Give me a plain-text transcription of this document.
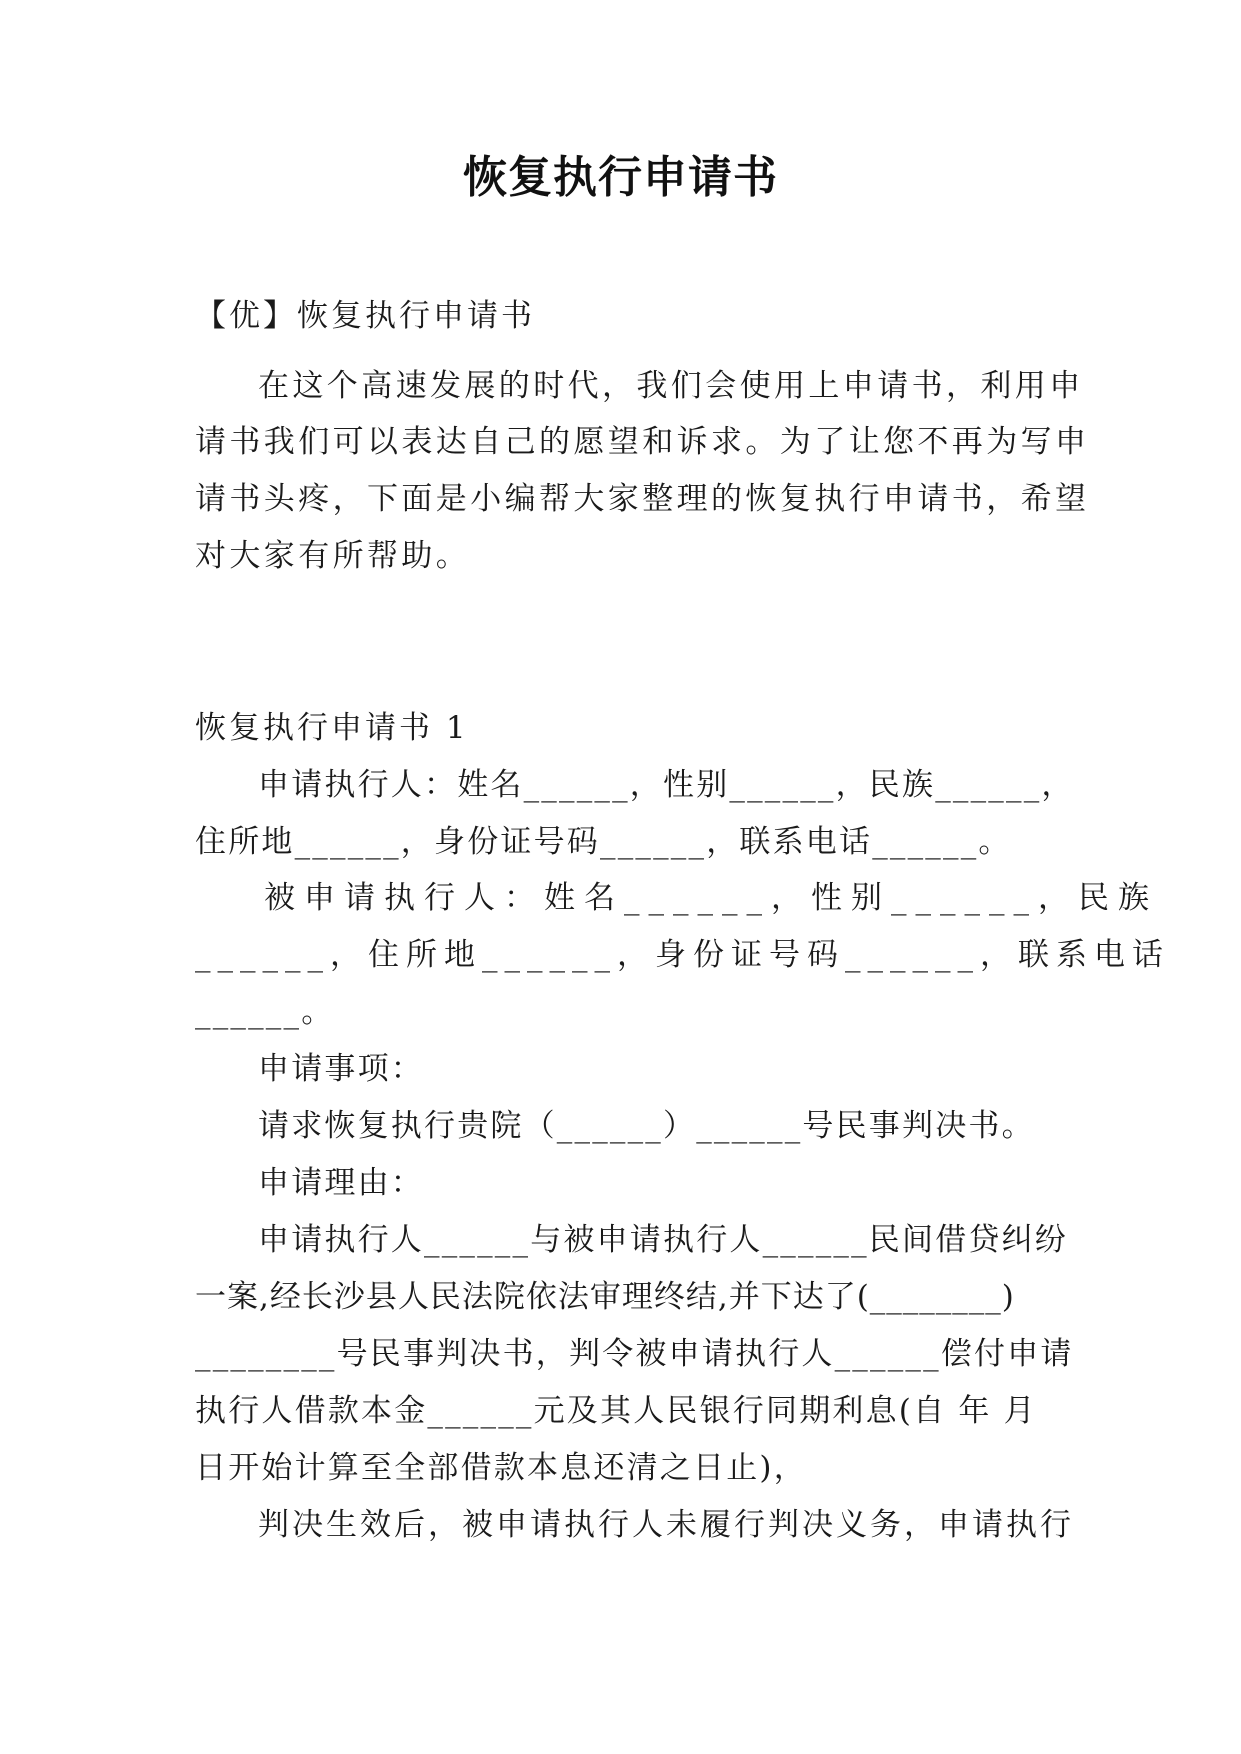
恢复执行申请书
【优】恢复执行申请书
在这个高速发展的时代，我们会使用上申请书，利用申
请书我们可以表达自己的愿望和诉求。为了让您不再为写申
请书头疼，下面是小编帮大家整理的恢复执行申请书，希望
对大家有所帮助。
恢复执行申请书 1
申请执行人：姓名______，性别______，民族______，
住所地______，身份证号码______，联系电话______。
被申请执行人：姓名______，性别______，民族
______，住所地______，身份证号码______，联系电话
______。
申请事项：
请求恢复执行贵院（______）______号民事判决书。
申请理由：
申请执行人______与被申请执行人______民间借贷纠纷
一案,经长沙县人民法院依法审理终结,并下达了(________)
________号民事判决书，判令被申请执行人______偿付申请
执行人借款本金______元及其人民银行同期利息(自 年 月
日开始计算至全部借款本息还清之日止)，
判决生效后，被申请执行人未履行判决义务，申请执行
